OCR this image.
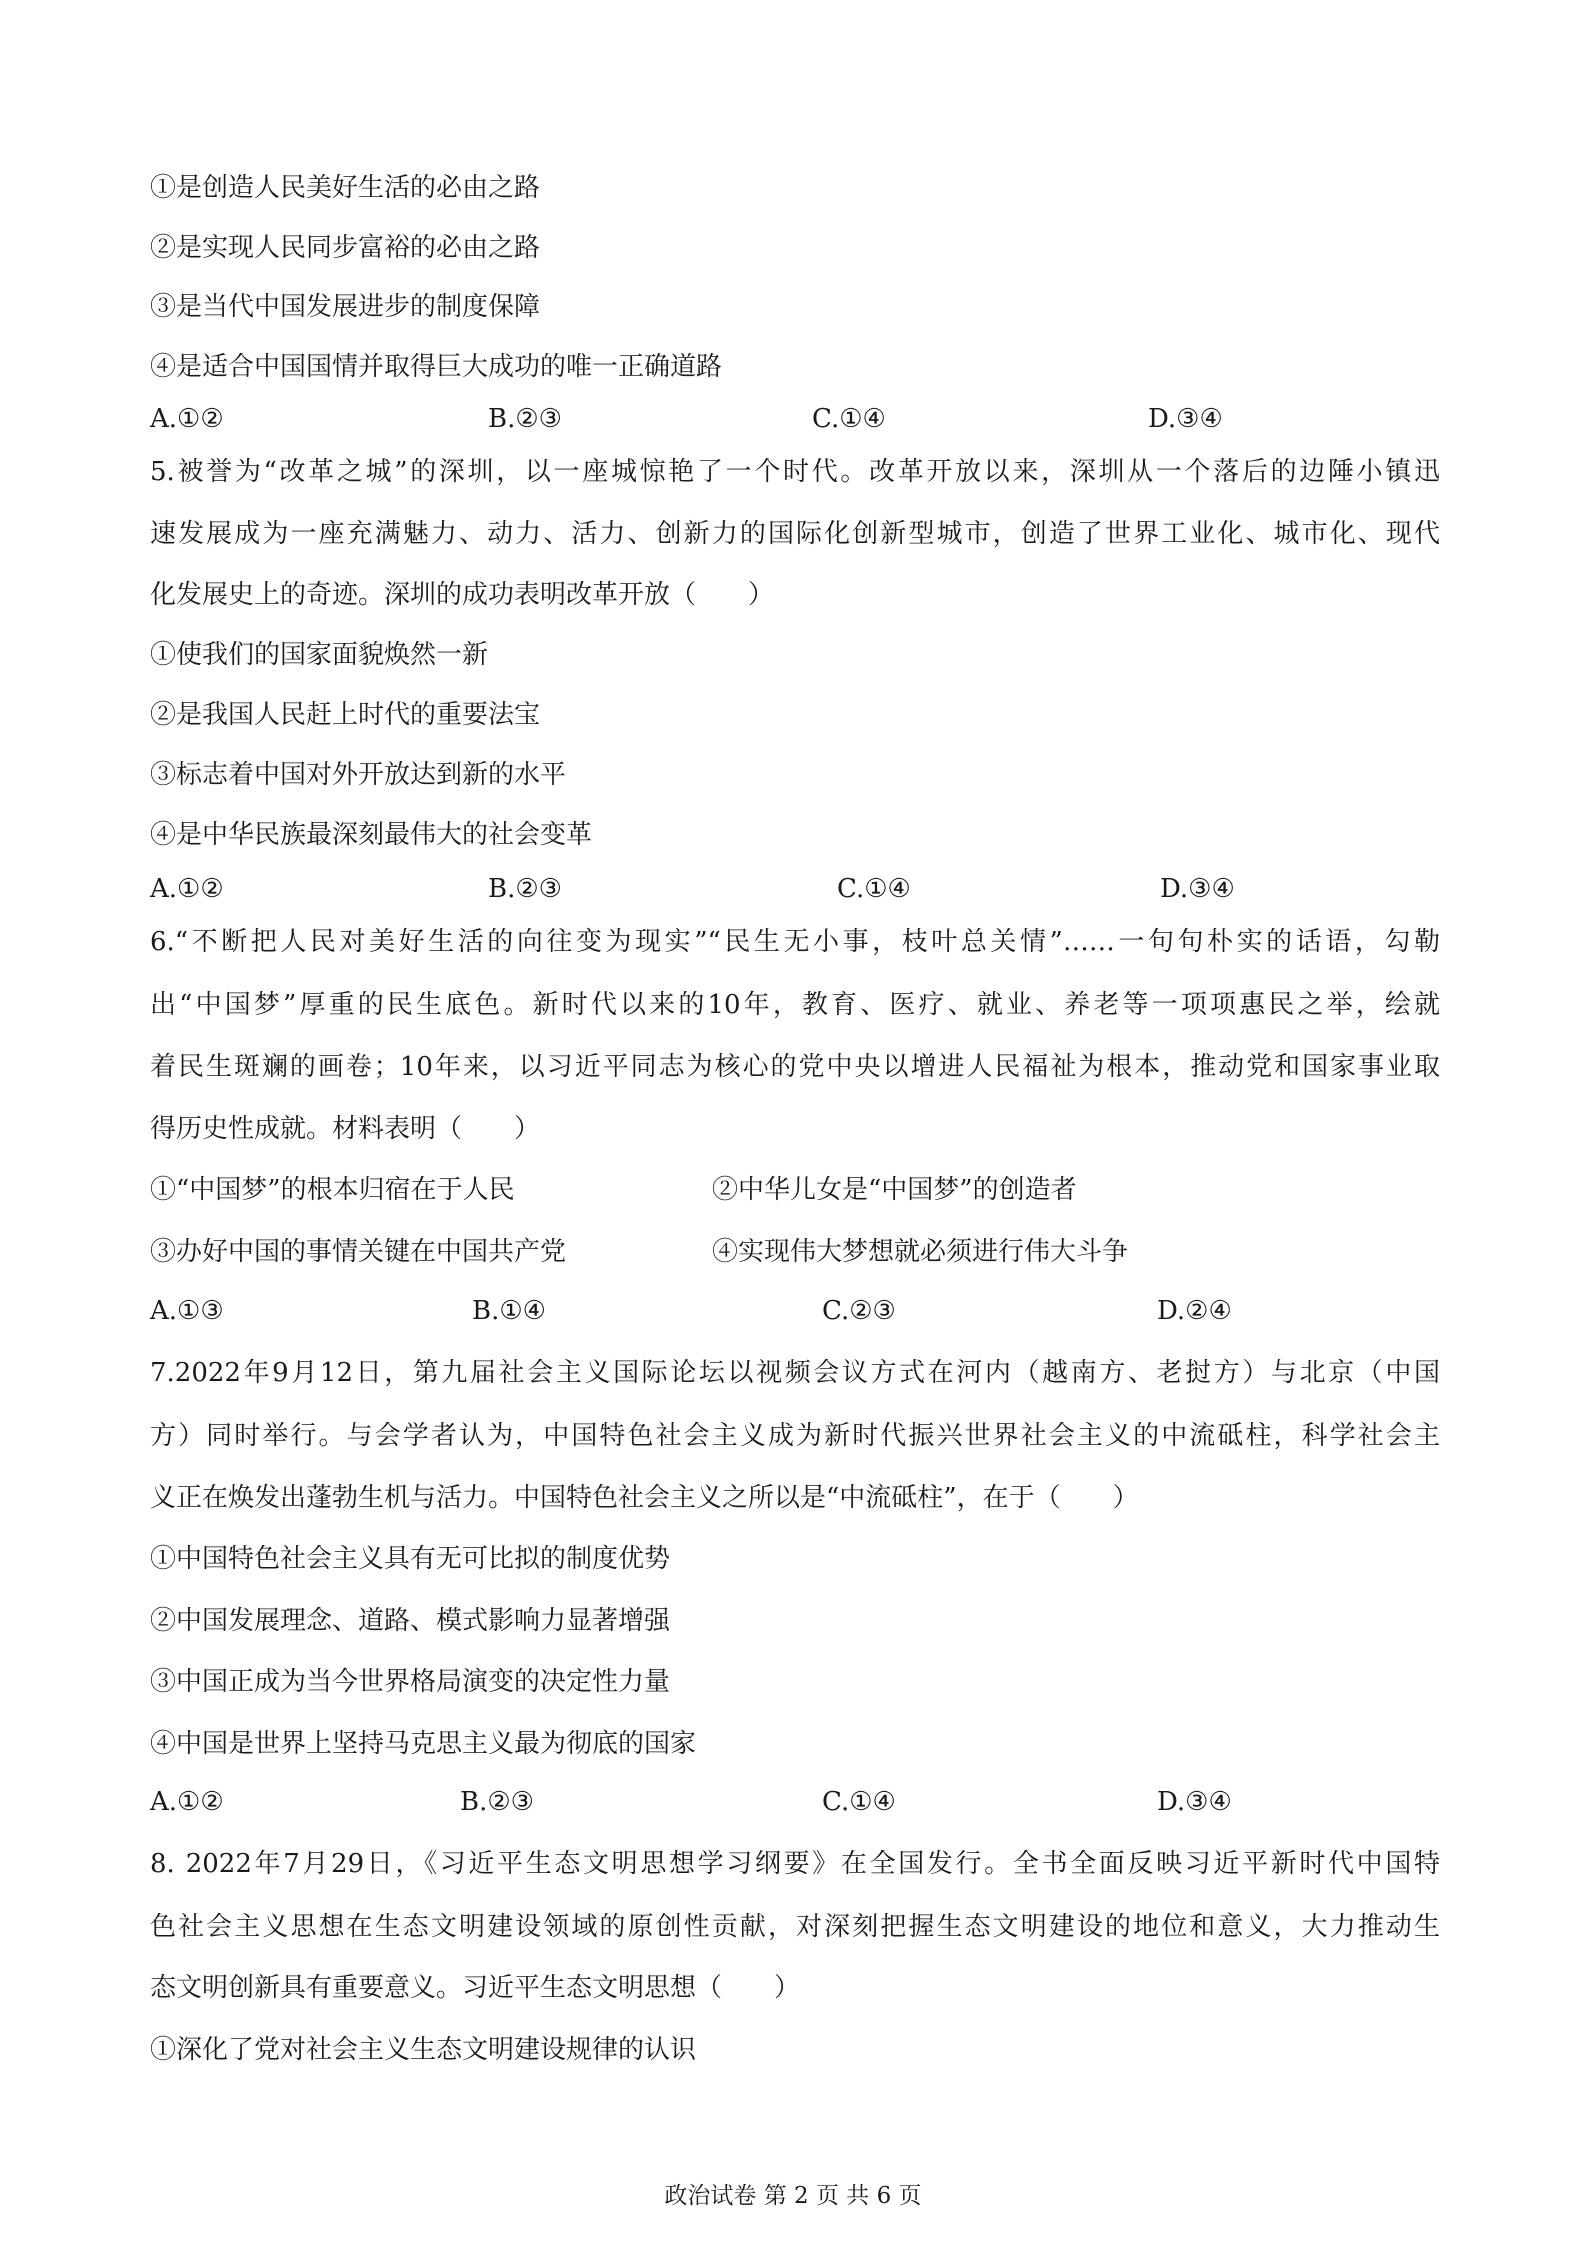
①是创造人民美好生活的必由之路
②是实现人民同步富裕的必由之路
③是当代中国发展进步的制度保障
④是适合中国国情并取得巨大成功的唯一正确道路
A.①②	B.②③	C.①④	D.③④
5.被誉为“改革之城”的深圳，以一座城惊艳了一个时代。改革开放以来，深圳从一个落后的边陲小镇迅
速发展成为一座充满魅力、动力、活力、创新力的国际化创新型城市，创造了世界工业化、城市化、现代
化发展史上的奇迹。深圳的成功表明改革开放（　　）
①使我们的国家面貌焕然一新
②是我国人民赶上时代的重要法宝
③标志着中国对外开放达到新的水平
④是中华民族最深刻最伟大的社会变革
A.①②	B.②③	C.①④	D.③④
6.“不断把人民对美好生活的向往变为现实”“民生无小事，枝叶总关情”……一句句朴实的话语，勾勒
出“中国梦”厚重的民生底色。新时代以来的10年，教育、医疗、就业、养老等一项项惠民之举，绘就
着民生斑斓的画卷；10年来，以习近平同志为核心的党中央以增进人民福祉为根本，推动党和国家事业取
得历史性成就。材料表明（　　）
①“中国梦”的根本归宿在于人民	②中华儿女是“中国梦”的创造者
③办好中国的事情关键在中国共产党	④实现伟大梦想就必须进行伟大斗争
A.①③	B.①④	C.②③	D.②④
7.2022年9月12日，第九届社会主义国际论坛以视频会议方式在河内（越南方、老挝方）与北京（中国
方）同时举行。与会学者认为，中国特色社会主义成为新时代振兴世界社会主义的中流砥柱，科学社会主
义正在焕发出蓬勃生机与活力。中国特色社会主义之所以是“中流砥柱”，在于（　　）
①中国特色社会主义具有无可比拟的制度优势
②中国发展理念、道路、模式影响力显著增强
③中国正成为当今世界格局演变的决定性力量
④中国是世界上坚持马克思主义最为彻底的国家
A.①②	B.②③	C.①④	D.③④
8. 2022年7月29日，《习近平生态文明思想学习纲要》在全国发行。全书全面反映习近平新时代中国特
色社会主义思想在生态文明建设领域的原创性贡献，对深刻把握生态文明建设的地位和意义，大力推动生
态文明创新具有重要意义。习近平生态文明思想（　　）
①深化了党对社会主义生态文明建设规律的认识
政治试卷 第 2 页 共 6 页
